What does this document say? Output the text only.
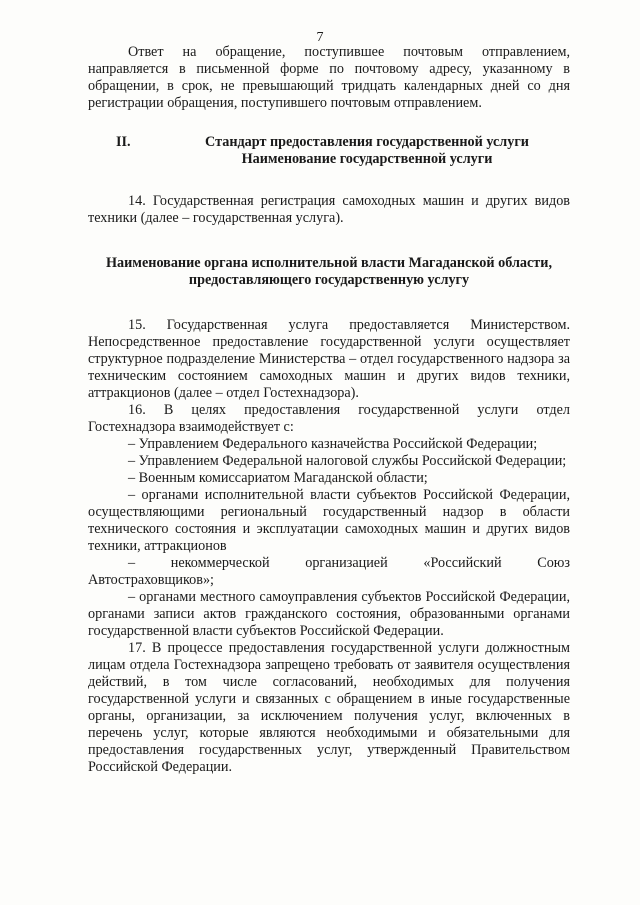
7

Ответ на обращение, поступившее почтовым отправлением, направляется в письменной форме по почтовому адресу, указанному в обращении, в срок, не превышающий тридцать календарных дней со дня регистрации обращения, поступившего почтовым отправлением.

II.	Стандарт предоставления государственной услуги
Наименование государственной услуги

14. Государственная регистрация самоходных машин и других видов техники (далее – государственная услуга).

Наименование органа исполнительной власти Магаданской области, предоставляющего государственную услугу

15. Государственная услуга предоставляется Министерством. Непосредственное предоставление государственной услуги осуществляет структурное подразделение Министерства – отдел государственного надзора за техническим состоянием самоходных машин и других видов техники, аттракционов (далее – отдел Гостехнадзора).

16. В целях предоставления государственной услуги отдел Гостехнадзора взаимодействует с:

– Управлением Федерального казначейства Российской Федерации;

– Управлением Федеральной налоговой службы Российской Федерации;

– Военным комиссариатом Магаданской области;

– органами исполнительной власти субъектов Российской Федерации, осуществляющими региональный государственный надзор в области технического состояния и эксплуатации самоходных машин и других видов техники, аттракционов

– некоммерческой организацией «Российский Союз Автостраховщиков»;

– органами местного самоуправления субъектов Российской Федерации, органами записи актов гражданского состояния, образованными органами государственной власти субъектов Российской Федерации.

17. В процессе предоставления государственной услуги должностным лицам отдела Гостехнадзора запрещено требовать от заявителя осуществления действий, в том числе согласований, необходимых для получения государственной услуги и связанных с обращением в иные государственные органы, организации, за исключением получения услуг, включенных в перечень услуг, которые являются необходимыми и обязательными для предоставления государственных услуг, утвержденный Правительством Российской Федерации.
